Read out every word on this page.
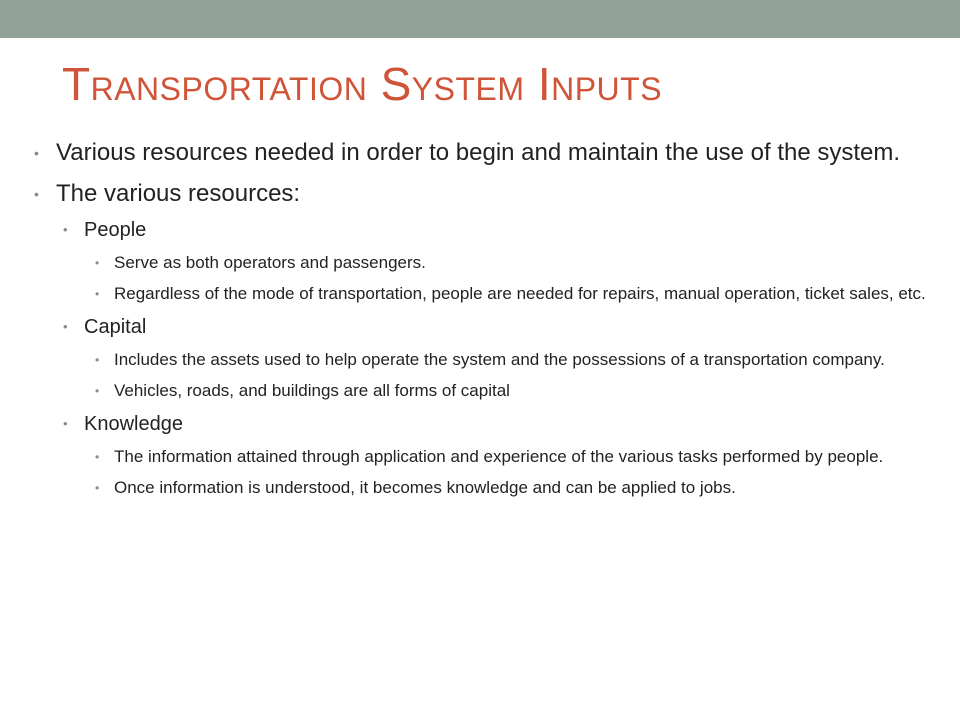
Transportation System Inputs
• Various resources needed in order to begin and maintain the use of the system.
• The various resources:
• People
• Serve as both operators and passengers.
• Regardless of the mode of transportation, people are needed for repairs, manual operation, ticket sales, etc.
• Capital
• Includes the assets used to help operate the system and the possessions of a transportation company.
• Vehicles, roads, and buildings are all forms of capital
• Knowledge
• The information attained through application and experience of the various tasks performed by people.
• Once information is understood, it becomes knowledge and can be applied to jobs.
